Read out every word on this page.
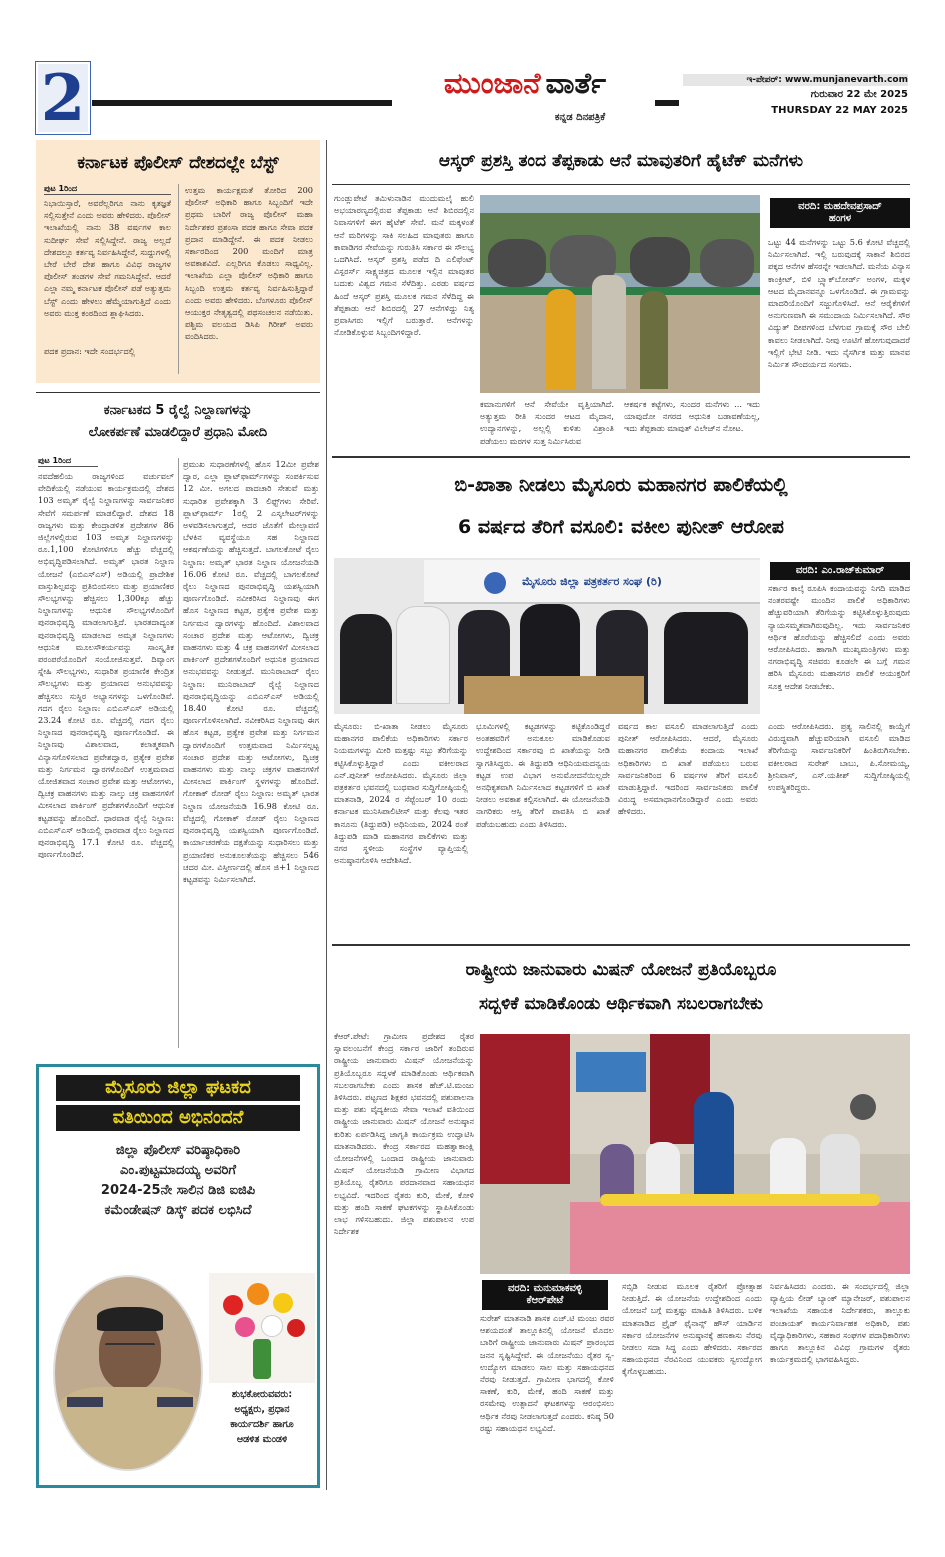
2	ಮುಂಜಾನೆ ವಾರ್ತೆ
ಕನ್ನಡ ದಿನಪತ್ರಿಕೆ
ಇ-ಪೇಪರ್: www.munjanevarth.com
ಗುರುವಾರ 22 ಮೇ 2025
THURSDAY 22 MAY 2025
ಕರ್ನಾಟಕ ಪೊಲೀಸ್ ದೇಶದಲ್ಲೇ ಬೆಸ್ಟ್
ಪುಟ 1ರಿಂದ
ನಿಭಾಯಿಸ್ತಾರೆ, ಅವರೆಲ್ಲರಿಗೂ ನಾನು ಕೃತಜ್ಞತೆ ಸಲ್ಲಿಸುತ್ತೇನೆ ಎಂದು ಅವರು ಹೇಳಿದರು. ಪೊಲೀಸ್ ಇಲಾಖೆಯಲ್ಲಿ ನಾನು 38 ವರ್ಷಗಳ ಕಾಲ ಸುದೀರ್ಘ ಸೇವೆ ಸಲ್ಲಿಸಿದ್ದೇನೆ. ರಾಜ್ಯ ಅಲ್ಲದೆ ದೇಶದಲ್ಲೂ ಕರ್ತವ್ಯ ನಿರ್ವಹಿಸಿದ್ದೇನೆ, ಸುದ್ದುಗಳಲ್ಲಿ ಬೇರೆ ಬೇರೆ ದೇಶ ಹಾಗೂ ವಿವಿಧ ರಾಜ್ಯಗಳ ಪೊಲೀಸ್ ತಂಡಗಳ ಸೇವೆ ಗಮನಿಸಿದ್ದೇನೆ. ಆದರೆ ಎಲ್ಲಾ ನಮ್ಮ ಕರ್ನಾಟಕ ಪೊಲೀಸ್ ಪಡೆ ಅತ್ಯುತ್ತಮ ಬೆಸ್ಟ್ ಎಂದು ಹೇಳಲು ಹೆಮ್ಮೆಯಾಗುತ್ತಿದೆ ಎಂದು ಅವರು ಮುಕ್ತ ಕಂಠದಿಂದ ಶ್ಲಾಘಿಸಿದರು.
ಪದಕ ಪ್ರದಾನ: ಇದೇ ಸಂದರ್ಭದಲ್ಲಿ
ಉತ್ತಮ ಕಾರ್ಯಕ್ಷಮತೆ ತೋರಿದ 200 ಪೊಲೀಸ್ ಅಧಿಕಾರಿ ಹಾಗೂ ಸಿಬ್ಬಂದಿಗೆ ಇದೇ ಪ್ರಥಮ ಬಾರಿಗೆ ರಾಜ್ಯ ಪೊಲೀಸ್ ಮಹಾ ನಿರ್ದೇಶಕರ ಪ್ರಶಂಸಾ ಪದಕ ಹಾಗೂ ಸೇವಾ ಪದಕ ಪ್ರದಾನ ಮಾಡಿದ್ದೇನೆ. ಈ ಪದಕ ನೀಡಲು ಸರ್ಕಾರದಿಂದ 200 ಮಂದಿಗೆ ಮಾತ್ರ ಅವಕಾಶವಿದೆ. ಎಲ್ಲರಿಗೂ ಕೊಡಲು ಸಾಧ್ಯವಿಲ್ಲ. ಇಲಾಖೆಯ ಎಲ್ಲಾ ಪೊಲೀಸ್ ಅಧಿಕಾರಿ ಹಾಗೂ ಸಿಬ್ಬಂದಿ ಉತ್ತಮ ಕರ್ತವ್ಯ ನಿರ್ವಹಿಸುತ್ತಿದ್ದಾರೆ ಎಂದು ಅವರು ಹೇಳಿದರು. ಬೆಂಗಳೂರು ಪೊಲೀಸ್ ಆಯುಕ್ತರ ನೇತೃತ್ವದಲ್ಲಿ ಪಥಸಂಚಲನ ನಡೆಯಿತು. ಪಶ್ಚಿಮ ವಲಯದ ಡಿಸಿಪಿ ಗಿರೀಶ್ ಅವರು ವಂದಿಸಿದರು.
ಕರ್ನಾಟಕದ 5 ರೈಲ್ವೆ ನಿಲ್ದಾಣಗಳನ್ನು
ಲೋಕರ್ಪಣೆ ಮಾಡಲಿದ್ದಾರೆ ಪ್ರಧಾನಿ ಮೋದಿ
ಪುಟ 1ರಿಂದ
ನವದೆಹಲಿಯ ರಾಜ್ಯಗಳಿಂದ ವರ್ಚುವಲ್ ವೇದಿಕೆಯಲ್ಲಿ ನಡೆಯುವ ಕಾರ್ಯಕ್ರಮದಲ್ಲಿ ದೇಶದ 103 ಅಮೃತ್ ರೈಲ್ವೆ ನಿಲ್ದಾಣಗಳನ್ನು ಸಾರ್ವಜನಿಕರ ಸೇವೆಗೆ ಸಮರ್ಪಣೆ ಮಾಡಲಿದ್ದಾರೆ. ದೇಶದ 18 ರಾಜ್ಯಗಳು ಮತ್ತು ಕೇಂದ್ರಾಡಳಿತ ಪ್ರದೇಶಗಳ 86 ಜಿಲ್ಲೆಗಳಲ್ಲಿರುವ 103 ಅಮೃತ ನಿಲ್ದಾಣಗಳನ್ನು ರೂ.1,100 ಕೋಟಿಗಳಿಗೂ ಹೆಚ್ಚು ವೆಚ್ಚದಲ್ಲಿ ಅಭಿವೃದ್ಧಿಪಡಿಸಲಾಗಿದೆ. ಅಮೃತ್ ಭಾರತ ನಿಲ್ದಾಣ ಯೋಜನೆ (ಎಬಿಎಸ್ಎಸ್) ಅಡಿಯಲ್ಲಿ ಪ್ರಾದೇಶಿಕ ವಾಸ್ತುಶಿಲ್ಪವನ್ನು ಪ್ರತಿಬಿಂಬಿಸಲು ಮತ್ತು ಪ್ರಯಾಣಿಕರ ಸೌಲಭ್ಯಗಳನ್ನು ಹೆಚ್ಚಿಸಲು 1,300ಕ್ಕೂ ಹೆಚ್ಚು ನಿಲ್ದಾಣಗಳನ್ನು ಆಧುನಿಕ ಸೌಲಭ್ಯಗಳೊಂದಿಗೆ ಪುನರಾಭಿವೃದ್ಧಿ ಮಾಡಲಾಗುತ್ತಿದೆ. ಭಾರತದಾದ್ಯಂತ ಪುನರಾಭಿವೃದ್ಧಿ ಮಾಡಲಾದ ಅಮೃತ ನಿಲ್ದಾಣಗಳು ಆಧುನಿಕ ಮೂಲಸೌಕರ್ಯವನ್ನು ಸಾಂಸ್ಕೃತಿಕ ಪರಂಪರೆಯೊಂದಿಗೆ ಸಂಯೋಜಿಸುತ್ತವೆ. ದಿವ್ಯಾಂಗ ಸ್ನೇಹಿ ಸೌಲಭ್ಯಗಳು, ಸುಧಾರಿತ ಪ್ರಯಾಣಿಕ ಕೇಂದ್ರಿತ ಸೌಲಭ್ಯಗಳು ಮತ್ತು ಪ್ರಯಾಣದ ಅನುಭವವನ್ನು ಹೆಚ್ಚಿಸಲು ಸುಸ್ಥಿರ ಅಭ್ಯಾಸಗಳನ್ನು ಒಳಗೊಂಡಿವೆ. ಗದಗ ರೈಲು ನಿಲ್ದಾಣ: ಎಬಿಎಸ್ಎಸ್ ಅಡಿಯಲ್ಲಿ 23.24 ಕೋಟಿ ರೂ. ವೆಚ್ಚದಲ್ಲಿ ಗದಗ ರೈಲು ನಿಲ್ದಾಣದ ಪುನರಾಭಿವೃದ್ಧಿ ಪೂರ್ಣಗೊಂಡಿದೆ. ಈ ನಿಲ್ದಾಣವು ವಿಶಾಲವಾದ, ಕಲಾತ್ಮಕವಾಗಿ ವಿನ್ಯಾಸಗೊಳಿಸಲಾದ ಪ್ರವೇಶದ್ವಾರ, ಪ್ರತ್ಯೇಕ ಪ್ರವೇಶ ಮತ್ತು ನಿರ್ಗಮನ ದ್ವಾರಗಳೊಂದಿಗೆ ಉತ್ತಮವಾದ ಯೋಜಿತವಾದ ಸಂಚಾರ ಪ್ರವೇಶ ಮತ್ತು ಆಟೋಗಳು, ದ್ವಿಚಕ್ರ ವಾಹನಗಳು ಮತ್ತು ನಾಲ್ಕು ಚಕ್ರ ವಾಹನಗಳಿಗೆ ಮೀಸಲಾದ ಪಾರ್ಕಿಂಗ್ ಪ್ರದೇಶಗಳೊಂದಿಗೆ ಆಧುನಿಕ ಕಟ್ಟಡವನ್ನು ಹೊಂದಿದೆ. ಧಾರವಾಡ ರೈಲ್ವೆ ನಿಲ್ದಾಣ: ಎಬಿಎಸ್ಎಸ್ ಅಡಿಯಲ್ಲಿ ಧಾರವಾಡ ರೈಲು ನಿಲ್ದಾಣದ ಪುನರಾಭಿವೃದ್ಧಿ 17.1 ಕೋಟಿ ರೂ. ವೆಚ್ಚದಲ್ಲಿ ಪೂರ್ಣಗೊಂಡಿದೆ.
ಪ್ರಮುಖ ಸುಧಾರಣೆಗಳಲ್ಲಿ ಹೊಸ 12ಮೀ ಪ್ರವೇಶ ದ್ವಾರ, ಎಲ್ಲಾ ಪ್ಲಾಟ್‌ಫಾರ್ಮ್‌ಗಳನ್ನು ಸಂಪರ್ಕಿಸುವ 12 ಮೀ. ಅಗಲದ ಪಾದಚಾರಿ ಸೇತುವೆ ಮತ್ತು ಸುಧಾರಿತ ಪ್ರವೇಶಕ್ಕಾಗಿ 3 ಲಿಫ್ಟ್‌ಗಳು ಸೇರಿವೆ. ಪ್ಲಾಟ್‌ಫಾರ್ಮ್ 1ರಲ್ಲಿ 2 ಎಸ್ಕಲೇಟರ್‌ಗಳನ್ನು ಅಳವಡಿಸಲಾಗುತ್ತದೆ, ಆದರ ಜೊತೆಗೆ ಮೇಲ್ಛಾವಣಿ ಬೆಳಕಿನ ವ್ಯವಸ್ಥೆಯೂ ಸಹ ನಿಲ್ದಾಣದ ಆಕರ್ಷಣೆಯನ್ನು ಹೆಚ್ಚಿಸುತ್ತದೆ. ಬಾಗಲಕೋಟೆ ರೈಲು ನಿಲ್ದಾಣ: ಅಮೃತ್ ಭಾರತ ನಿಲ್ದಾಣ ಯೋಜನೆಯಡಿ 16.06 ಕೋಟಿ ರೂ. ವೆಚ್ಚದಲ್ಲಿ ಬಾಗಲಕೋಟೆ ರೈಲು ನಿಲ್ದಾಣದ ಪುನರಾಭಿವೃದ್ಧಿ ಯಶಸ್ವಿಯಾಗಿ ಪೂರ್ಣಗೊಂಡಿದೆ. ನವೀಕರಿಸಿದ ನಿಲ್ದಾಣವು ಈಗ ಹೊಸ ನಿಲ್ದಾಣದ ಕಟ್ಟಡ, ಪ್ರತ್ಯೇಕ ಪ್ರವೇಶ ಮತ್ತು ನಿರ್ಗಮನ ದ್ವಾರಗಳನ್ನು ಹೊಂದಿದೆ. ವಿಶಾಲವಾದ ಸಂಚಾರ ಪ್ರದೇಶ ಮತ್ತು ಆಟೋಗಳು, ದ್ವಿಚಕ್ರ ವಾಹನಗಳು ಮತ್ತು 4 ಚಕ್ರ ವಾಹನಗಳಿಗೆ ಮೀಸಲಾದ ಪಾರ್ಕಿಂಗ್ ಪ್ರದೇಶಗಳೊಂದಿಗೆ ಅಧುನಿಕ ಪ್ರಯಾಣದ ಅನುಭವವನ್ನು ನೀಡುತ್ತದೆ. ಮುನಿರಾಬಾದ್ ರೈಲು ನಿಲ್ದಾಣ: ಮುನಿರಾಬಾದ್ ರೈಲ್ವೆ ನಿಲ್ದಾಣದ ಪುನರಾಭಿವೃದ್ಧಿಯನ್ನು ಎಬಿಎಸ್ಎಸ್ ಅಡಿಯಲ್ಲಿ 18.40 ಕೋಟಿ ರೂ. ವೆಚ್ಚದಲ್ಲಿ ಪೂರ್ಣಗೊಳಿಸಲಾಗಿದೆ. ನವೀಕರಿಸಿದ ನಿಲ್ದಾಣವು ಈಗ ಹೊಸ ಕಟ್ಟಡ, ಪ್ರತ್ಯೇಕ ಪ್ರವೇಶ ಮತ್ತು ನಿರ್ಗಮನ ದ್ವಾರಗಳೊಂದಿಗೆ ಉತ್ತಮವಾದ ನಿರ್ಮಿಸಲ್ಪಟ್ಟ ಸಂಚಾರ ಪ್ರದೇಶ ಮತ್ತು ಆಟೋಗಳು, ದ್ವಿಚಕ್ರ ವಾಹನಗಳು ಮತ್ತು ನಾಲ್ಕು ಚಕ್ರಗಳ ವಾಹನಗಳಿಗೆ ಮೀಸಲಾದ ಪಾರ್ಕಿಂಗ್ ಸ್ಥಳಗಳನ್ನು ಹೊಂದಿದೆ. ಗೋಕಾಕ್ ರೋಡ್ ರೈಲು ನಿಲ್ದಾಣ: ಅಮೃತ್ ಭಾರತ ನಿಲ್ದಾಣ ಯೋಜನೆಯಡಿ 16.98 ಕೋಟಿ ರೂ. ವೆಚ್ಚದಲ್ಲಿ ಗೋಕಾಕ್ ರೋಡ್ ರೈಲು ನಿಲ್ದಾಣದ ಪುನರಾಭಿವೃದ್ಧಿ ಯಶಸ್ವಿಯಾಗಿ ಪೂರ್ಣಗೊಂಡಿದೆ. ಕಾರ್ಯಾಚರಣೆಯ ದಕ್ಷತೆಯನ್ನು ಸುಧಾರಿಸಲು ಮತ್ತು ಪ್ರಯಾಣಿಕರ ಅನುಕೂಲತೆಯನ್ನು ಹೆಚ್ಚಿಸಲು 546 ಚದರ ಮೀ. ವಿಸ್ತೀರ್ಣದಲ್ಲಿ ಹೊಸ ಜಿ+1 ನಿಲ್ದಾಣದ ಕಟ್ಟಡವನ್ನು ನಿರ್ಮಿಸಲಾಗಿದೆ.
ಮೈಸೂರು ಜಿಲ್ಲಾ ಘಟಕದ
ವತಿಯಿಂದ ಅಭಿನಂದನೆ
ಜಿಲ್ಲಾ ಪೊಲೀಸ್ ವರಿಷ್ಠಾಧಿಕಾರಿ
ಎಂ.ಪುಟ್ಟಮಾದಯ್ಯ ಅವರಿಗೆ
2024-25ನೇ ಸಾಲಿನ ಡಿಜಿ ಐಜಿಪಿ
ಕಮೆಂಡೇಷನ್ ಡಿಸ್ಕ್ ಪದಕ ಲಭಿಸಿದೆ
ಶುಭಕೋರುವವರು:
ಅಧ್ಯಕ್ಷರು, ಪ್ರಧಾನ
ಕಾರ್ಯದರ್ಶಿ ಹಾಗೂ
ಆಡಳಿತ ಮಂಡಳಿ
ಆಸ್ಕರ್ ಪ್ರಶಸ್ತಿ ತಂದ ತೆಪ್ಪಕಾಡು ಆನೆ ಮಾವುತರಿಗೆ ಹೈಟೆಕ್ ಮನೆಗಳು
ಗುಂಡ್ಲುಪೇಟೆ ತಮಿಳುನಾಡಿನ ಮುದುಮಲೈ ಹುಲಿ ಅಭಯಾರಣ್ಯದಲ್ಲಿರುವ ತೆಪ್ಪಕಾಡು ಆನೆ ಶಿಬಿರದಲ್ಲಿನ ನಿವಾಸಗಳಿಗೆ ಈಗ ಹೈಟೆಕ್ ಸೇವೆ. ಮನೆ ಮಕ್ಕಳಂತೆ ಆನೆ ಮರಿಗಳನ್ನು ಸಾಕಿ ಸಲಹಿದ ಮಾವುತರು ಹಾಗೂ ಕಾವಾಡಿಗರ ಸೇವೆಯನ್ನು ಗುರುತಿಸಿ ಸರ್ಕಾರ ಈ ಸೌಲಭ್ಯ ಒದಗಿಸಿದೆ. ಆಸ್ಕರ್ ಪ್ರಶಸ್ತಿ ಪಡೆದ ದಿ ಎಲಿಫೆಂಟ್ ವಿಸ್ಪರರ್ಸ್ ಸಾಕ್ಷ್ಯಚಿತ್ರದ ಮೂಲಕ ಇಲ್ಲಿನ ಮಾವುತರ ಬದುಕು ವಿಶ್ವದ ಗಮನ ಸೆಳೆದಿತ್ತು. ಎರಡು ವರ್ಷದ ಹಿಂದೆ ಆಸ್ಕರ್ ಪ್ರಶಸ್ತಿ ಮೂಲಕ ಗಮನ ಸೆಳೆದಿದ್ದ ಈ ತೆಪ್ಪಕಾಡು ಆನೆ ಶಿಬಿರದಲ್ಲಿ 27 ಆನೆಗಳಿದ್ದು ನಿತ್ಯ ಪ್ರವಾಸಿಗರು ಇಲ್ಲಿಗೆ ಬರುತ್ತಾರೆ. ಆನೆಗಳನ್ನು ನೋಡಿಕೊಳ್ಳುವ ಸಿಬ್ಬಂದಿಗಳಿದ್ದಾರೆ.
ಕಮಾನುಗಳಿಗೆ ಆನೆ ಸೇವೆಯೇ ವೃತ್ತಿಯಾಗಿದೆ. ಅತ್ಯುತ್ತಮ ರೀತಿ ಸುಂದರ ಆಟದ ಮೈದಾನ, ಉದ್ಯಾನಗಳನ್ನು, ಅಲ್ಲಲ್ಲಿ ಕುಳಿತು ವಿಶ್ರಾಂತಿ ಪಡೆಯಲು ಮರಗಳ ಸುತ್ತ ನಿರ್ಮಿಸಿರುವ
ಆಕರ್ಷಕ ಕಟ್ಟೆಗಳು, ಸುಂದರ ಮನೆಗಳು ... ಇದು ಯಾವುದೋ ನಗರದ ಆಧುನಿಕ ಬಡಾವಣೆಯಲ್ಲ, ಇದು ತೆಪ್ಪಕಾಡು ಮಾವುತ್ ವಿಲೇಜ್‌ನ ನೋಟ.
ವರದಿ: ಮಹದೇವಪ್ರಸಾದ್
ಹಂಗಳ
ಒಟ್ಟು 44 ಮನೆಗಳನ್ನು ಒಟ್ಟು 5.6 ಕೋಟಿ ವೆಚ್ಚದಲ್ಲಿ ನಿರ್ಮಿಸಲಾಗಿದೆ. ಇಲ್ಲಿ ಬರುವುದಕ್ಕೆ ಸಾಕಾನೆ ಶಿಬಿರದ ಪಕ್ಕದ ಆನೆಗಳ ಹೆಸರನ್ನೇ ಇಡಲಾಗಿದೆ. ಮನೆಯ ವಿನ್ಯಾಸ ಕಾಂಕ್ರೀಟ್, ಬಿಳಿ ಬ್ಲ್ಯಾಕ್‌ಬೋರ್ಡ್ ಅಂಗಳ, ಮಕ್ಕಳ ಆಟದ ಮೈದಾನವನ್ನೂ ಒಳಗೊಂಡಿದೆ. ಈ ಗ್ರಾಮವನ್ನು ಮಾದರಿಯೊಂದಿಗೆ ಸಜ್ಜುಗೊಳಿಸಿದೆ. ಆನೆ ಆರೈಕೆಗಳಿಗೆ ಅನುಗುಣವಾಗಿ ಈ ಸಮುದಾಯ ನಿರ್ಮಿಸಲಾಗಿದೆ. ಸೌರ ವಿದ್ಯುತ್ ದೀಪಗಳಿಂದ ಬೆಳಗುವ ಗ್ರಾಮಕ್ಕೆ ಸೌರ ಬೇಲಿ ಕಾವಲು ನೀಡಲಾಗಿದೆ. ನೀವು ಊಟಿಗೆ ಹೋಗುವುದಾದರೆ ಇಲ್ಲಿಗೆ ಭೇಟಿ ನೀಡಿ. ಇದು ನೈಸರ್ಗಿಕ ಮತ್ತು ಮಾನವ ನಿರ್ಮಿತ ಸೌಂದರ್ಯದ ಸಂಗಮ.
ಬಿ-ಖಾತಾ ನೀಡಲು ಮೈಸೂರು ಮಹಾನಗರ ಪಾಲಿಕೆಯಲ್ಲಿ
6 ವರ್ಷದ ತೆರಿಗೆ ವಸೂಲಿ: ವಕೀಲ ಪುನೀತ್ ಆರೋಪ
ಮೈಸೂರು ಜಿಲ್ಲಾ ಪತ್ರಕರ್ತರ ಸಂಘ (ರಿ)
ವರದಿ: ಎಂ.ರಾಜ್‌ಕುಮಾರ್
ಸರ್ಕಾರ ಕಾಲ್ಕೆ ರೂಪಿಸಿ ಕಂದಾಯವನ್ನು ನಿಗದಿ ಮಾಡಿದ ನಂತರವಷ್ಟೇ ಮುಂದಿನ ಪಾಲಿಕೆ ಅಧಿಕಾರಿಗಳು ಹೆಚ್ಚುವರಿಯಾಗಿ ತೆರಿಗೆಯನ್ನು ಕಟ್ಟಿಸಿಕೊಳ್ಳುತ್ತಿರುವುದು ನ್ಯಾಯಸಮ್ಮತವಾಗಿರುವುದಿಲ್ಲ. ಇದು ಸಾರ್ವಜನಿಕರ ಆರ್ಥಿಕ ಹೊರೆಯನ್ನು ಹೆಚ್ಚಿಸಲಿದೆ ಎಂದು ಅವರು ಆರೋಪಿಸಿದರು. ಹಾಗಾಗಿ ಮುಖ್ಯಮಂತ್ರಿಗಳು ಮತ್ತು ನಗರಾಭಿವೃದ್ಧಿ ಸಚಿವರು ಕೂಡಲೇ ಈ ಬಗ್ಗೆ ಗಮನ ಹರಿಸಿ ಮೈಸೂರು ಮಹಾನಗರ ಪಾಲಿಕೆ ಆಯುಕ್ತರಿಗೆ ಸೂಕ್ತ ಆದೇಶ ನೀಡಬೇಕು.
ಮೈಸೂರು: ಬಿ-ಖಾತಾ ನೀಡಲು ಮೈಸೂರು ಮಹಾನಗರ ಪಾಲಿಕೆಯ ಅಧಿಕಾರಿಗಳು ಸರ್ಕಾರ ನಿಯಮಗಳನ್ನು ಮೀರಿ ಮತ್ತಷ್ಟು ಸಬ್ಬು ತೆರಿಗೆಯನ್ನು ಕಟ್ಟಿಸಿಕೊಳ್ಳುತ್ತಿದ್ದಾರೆ ಎಂದು ವಕೀಲರಾದ ಎನ್.ಪುನೀತ್ ಆರೋಪಿಸಿದರು. ಮೈಸೂರು ಜಿಲ್ಲಾ ಪತ್ರಕರ್ತರ ಭವನದಲ್ಲಿ ಬುಧವಾರ ಸುದ್ದಿಗೋಷ್ಠಿಯಲ್ಲಿ ಮಾತನಾಡಿ, 2024 ರ ಸೆಪ್ಟೆಂಬರ್ 10 ರಂದು ಕರ್ನಾಟಕ ಮುನಿಸಿಪಾಲಿಟೀಸ್ ಮತ್ತು ಕೆಲವು ಇತರ ಕಾನೂನು (ತಿದ್ದುಪಡಿ) ಅಧಿನಿಯಮ, 2024 ರಂತೆ ತಿದ್ದುಪಡಿ ಮಾಡಿ ಮಹಾನಗರ ಪಾಲಿಕೆಗಳು ಮತ್ತು ನಗರ ಸ್ಥಳೀಯ ಸಂಸ್ಥೆಗಳ ವ್ಯಾಪ್ತಿಯಲ್ಲಿ ಅನುಷ್ಠಾನಗೊಳಿಸಿ ಆದೇಶಿಸಿದೆ.
ಭೂಮಿಗಳಲ್ಲಿ ಕಟ್ಟಡಗಳನ್ನು ಕಟ್ಟಿಕೊಂಡಿದ್ದರೆ ಅಂತಹವರಿಗೆ ಅನುಕೂಲ ಮಾಡಿಕೊಡುವ ಉದ್ದೇಶದಿಂದ ಸರ್ಕಾರವು ಬಿ ಖಾತೆಯನ್ನು ನೀಡಿ ಸ್ವಾಗತಿಸಿದ್ದರು. ಈ ತಿದ್ದುಪಡಿ ಆಧಿನಿಯಮದನ್ವಯ ಕಟ್ಟಡ ಉಪ ವಿಭಾಗ ಅನುಮೋದನೆಯಿಲ್ಲದೇ ಅನಧಿಕೃತವಾಗಿ ನಿರ್ಮಿಸಲಾದ ಕಟ್ಟಡಗಳಿಗೆ ಬಿ ಖಾತೆ ನೀಡಲು ಅವಕಾಶ ಕಲ್ಪಿಸಲಾಗಿದೆ. ಈ ಯೋಜನೆಯಡಿ ನಾಗರಿಕರು ಆಸ್ತಿ ತೆರಿಗೆ ಪಾವತಿಸಿ ಬಿ ಖಾತೆ ಪಡೆಯಬಹುದು ಎಂದು ತಿಳಿಸಿದರು.
ವರ್ಷದ ಕಾಲ ವಸೂಲಿ ಮಾಡಲಾಗುತ್ತಿದೆ ಎಂದು ಪುನೀತ್ ಆರೋಪಿಸಿದರು. ಆದರೆ, ಮೈಸೂರು ಮಹಾನಗರ ಪಾಲಿಕೆಯ ಕಂದಾಯ ಇಲಾಖೆ ಅಧಿಕಾರಿಗಳು ಬಿ ಖಾತೆ ಪಡೆಯಲು ಬರುವ ಸಾರ್ವಜನಿಕರಿಂದ 6 ವರ್ಷಗಳ ತೆರಿಗೆ ವಸೂಲಿ ಮಾಡುತ್ತಿದ್ದಾರೆ. ಇದರಿಂದ ಸಾರ್ವಜನಿಕರು ಪಾಲಿಕೆ ವಿರುದ್ಧ ಅಸಮಾಧಾನಗೊಂಡಿದ್ದಾರೆ ಎಂದು ಅವರು ಹೇಳಿದರು.
ಎಂದು ಆರೋಪಿಸಿದರು. ಪ್ರತ್ಯ ಸಾಲಿನಲ್ಲಿ ಕಾಯ್ದೆಗೆ ವಿರುದ್ಧವಾಗಿ ಹೆಚ್ಚುವರಿಯಾಗಿ ವಸೂಲಿ ಮಾಡಿದ ತೆರಿಗೆಯನ್ನು ಸಾರ್ವಜನಿಕರಿಗೆ ಹಿಂತಿರುಗಿಸಬೇಕು. ವಕೀಲರಾದ ಸುರೇಶ್ ಬಾಬು, ಪಿ.ಸೋಮಯ್ಯ, ಶ್ರೀನಿವಾಸ್, ಎಸ್.ಯತೀಶ್ ಸುದ್ದಿಗೋಷ್ಠಿಯಲ್ಲಿ ಉಪಸ್ಥಿತರಿದ್ದರು.
ರಾಷ್ಟ್ರೀಯ ಜಾನುವಾರು ಮಿಷನ್ ಯೋಜನೆ ಪ್ರತಿಯೊಬ್ಬರೂ
ಸದ್ಬಳಿಕೆ ಮಾಡಿಕೊಂಡು ಆರ್ಥಿಕವಾಗಿ ಸಬಲರಾಗಬೇಕು
ಕೆಆರ್.ಪೇಟೆ: ಗ್ರಾಮೀಣ ಪ್ರದೇಶದ ರೈತರ ಸ್ವಾವಲಂಬನೆಗೆ ಕೇಂದ್ರ ಸರ್ಕಾರ ಜಾರಿಗೆ ತಂದಿರುವ ರಾಷ್ಟ್ರೀಯ ಜಾನುವಾರು ಮಿಷನ್ ಯೋಜನೆಯನ್ನು ಪ್ರತಿಯೊಬ್ಬರೂ ಸದ್ಬಳಕೆ ಮಾಡಿಕೊಂಡು ಆರ್ಥಿಕವಾಗಿ ಸಬಲರಾಗಬೇಕು ಎಂದು ಶಾಸಕ ಹೆಚ್.ಟಿ.ಮಂಜು ತಿಳಿಸಿದರು. ಪಟ್ಟಣದ ಶಿಕ್ಷಕರ ಭವನದಲ್ಲಿ ಪಶುಪಾಲನಾ ಮತ್ತು ಪಶು ವೈದ್ಯಕೀಯ ಸೇವಾ ಇಲಾಖೆ ವತಿಯಿಂದ ರಾಷ್ಟ್ರೀಯ ಜಾನುವಾರು ಮಿಷನ್ ಯೋಜನೆ ಅನುಷ್ಠಾನ ಕುರಿತು ಏರ್ಪಡಿಸಿದ್ದ ಜಾಗೃತಿ ಕಾರ್ಯಕ್ರಮ ಉದ್ಘಾಟಿಸಿ ಮಾತನಾಡಿದರು. ಕೇಂದ್ರ ಸರ್ಕಾರದ ಮಹತ್ವಾಕಾಂಕ್ಷಿ ಯೋಜನೆಗಳಲ್ಲಿ ಒಂದಾದ ರಾಷ್ಟ್ರೀಯ ಜಾನುವಾರು ಮಿಷನ್ ಯೋಜನೆಯಡಿ ಗ್ರಾಮೀಣ ವಿಭಾಗದ ಪ್ರತಿಯೊಬ್ಬ ರೈತರಿಗೂ ಪರದಾನವಾದ ಸಹಾಯಧನ ಲಭ್ಯವಿದೆ. ಇದರಿಂದ ರೈತರು ಕುರಿ, ಮೇಕೆ, ಕೋಳಿ ಮತ್ತು ಹಂದಿ ಸಾಕಣೆ ಘಟಕಗಳನ್ನು ಸ್ಥಾಪಿಸಿಕೊಂಡು ಲಾಭ ಗಳಿಸಬಹುದು. ಜಿಲ್ಲಾ ಪಶುಪಾಲನ ಉಪ ನಿರ್ದೇಶಕ
ವರದಿ: ಮನುಮಾಕವಳ್ಳಿ
ಕೆಆರ್‌ಪೇಟೆ
ಸುರೇಶ್ ಮಾತನಾಡಿ ಶಾಸಕ ಎಚ್.ಟಿ ಮಂಜು ರವರ ಆಶಯದಂತೆ ತಾಲ್ಲೂಕಿನಲ್ಲಿ ಯೋಜನೆ ಮೊದಲ ಬಾರಿಗೆ ರಾಷ್ಟ್ರೀಯ ಜಾನುವಾರು ಮಿಷನ್ ಪ್ರಾರಂಭದ ಜನನ ಸೃಷ್ಟಿಸಿದ್ದೇವೆ. ಈ ಯೋಜನೆಯು ರೈತರ ಸ್ವ-ಉದ್ಯೋಗ ಮಾಡಲು ಸಾಲ ಮತ್ತು ಸಹಾಯಧನದ ನೆರವು ನೀಡುತ್ತದೆ. ಗ್ರಾಮೀಣ ಭಾಗದಲ್ಲಿ ಕೋಳಿ ಸಾಕಣೆ, ಕುರಿ, ಮೇಕೆ, ಹಂದಿ ಸಾಕಣೆ ಮತ್ತು ರಸಮೇವು ಉತ್ಪಾದನೆ ಘಟಕಗಳನ್ನು ಆರಂಭಿಸಲು ಆರ್ಥಿಕ ನೆರವು ನೀಡಲಾಗುತ್ತದೆ ಎಂದರು. ಕನಿಷ್ಠ 50 ರಷ್ಟು ಸಹಾಯಧನ ಲಭ್ಯವಿದೆ.
ಸಬ್ಸಿಡಿ ನೀಡುವ ಮೂಲಕ ರೈತರಿಗೆ ಪ್ರೋತ್ಸಾಹ ನೀಡುತ್ತಿದೆ. ಈ ಯೋಜನೆಯ ಉದ್ದೇಶದಿಂದ ಎಂದು ಯೋಜನೆ ಬಗ್ಗೆ ಮತ್ತಷ್ಟು ಮಾಹಿತಿ ತಿಳಿಸಿದರು. ಬಳಿಕ ಮಾತನಾಡಿದ ಪ್ರೈಡ್ ಫೈನಾನ್ಸ್ ಹೌಸ್ ಯಾರ್ಡಿನ ಸರ್ಕಾರ ಯೋಜನೆಗಳ ಅನುಷ್ಠಾನಕ್ಕೆ ಹಣಕಾಸು ನೆರವು ನೀಡಲು ಸದಾ ಸಿದ್ಧ ಎಂದು ಹೇಳಿದರು. ಸರ್ಕಾರದ ಸಹಾಯಧನದ ನೆರವಿನಿಂದ ಯುವಕರು ಸ್ವಉದ್ಯೋಗ ಕೈಗೊಳ್ಳಬಹುದು.
ನಿರ್ವಹಿಸಿದರು ಎಂದರು. ಈ ಸಂದರ್ಭದಲ್ಲಿ ಜಿಲ್ಲಾ ವ್ಯಾಪ್ತಿಯ ಲೀಡ್ ಬ್ಯಾಂಕ್ ಮ್ಯಾನೇಜರ್, ಪಶುಪಾಲನ ಇಲಾಖೆಯ ಸಹಾಯಕ ನಿರ್ದೇಶಕರು, ತಾಲ್ಲೂಕು ಪಂಚಾಯತ್ ಕಾರ್ಯನಿರ್ವಾಹಕ ಅಧಿಕಾರಿ, ಪಶು ವೈದ್ಯಾಧಿಕಾರಿಗಳು, ಸಹಕಾರ ಸಂಘಗಳ ಪದಾಧಿಕಾರಿಗಳು ಹಾಗೂ ತಾಲ್ಲೂಕಿನ ವಿವಿಧ ಗ್ರಾಮಗಳ ರೈತರು ಕಾರ್ಯಕ್ರಮದಲ್ಲಿ ಭಾಗವಹಿಸಿದ್ದರು.
